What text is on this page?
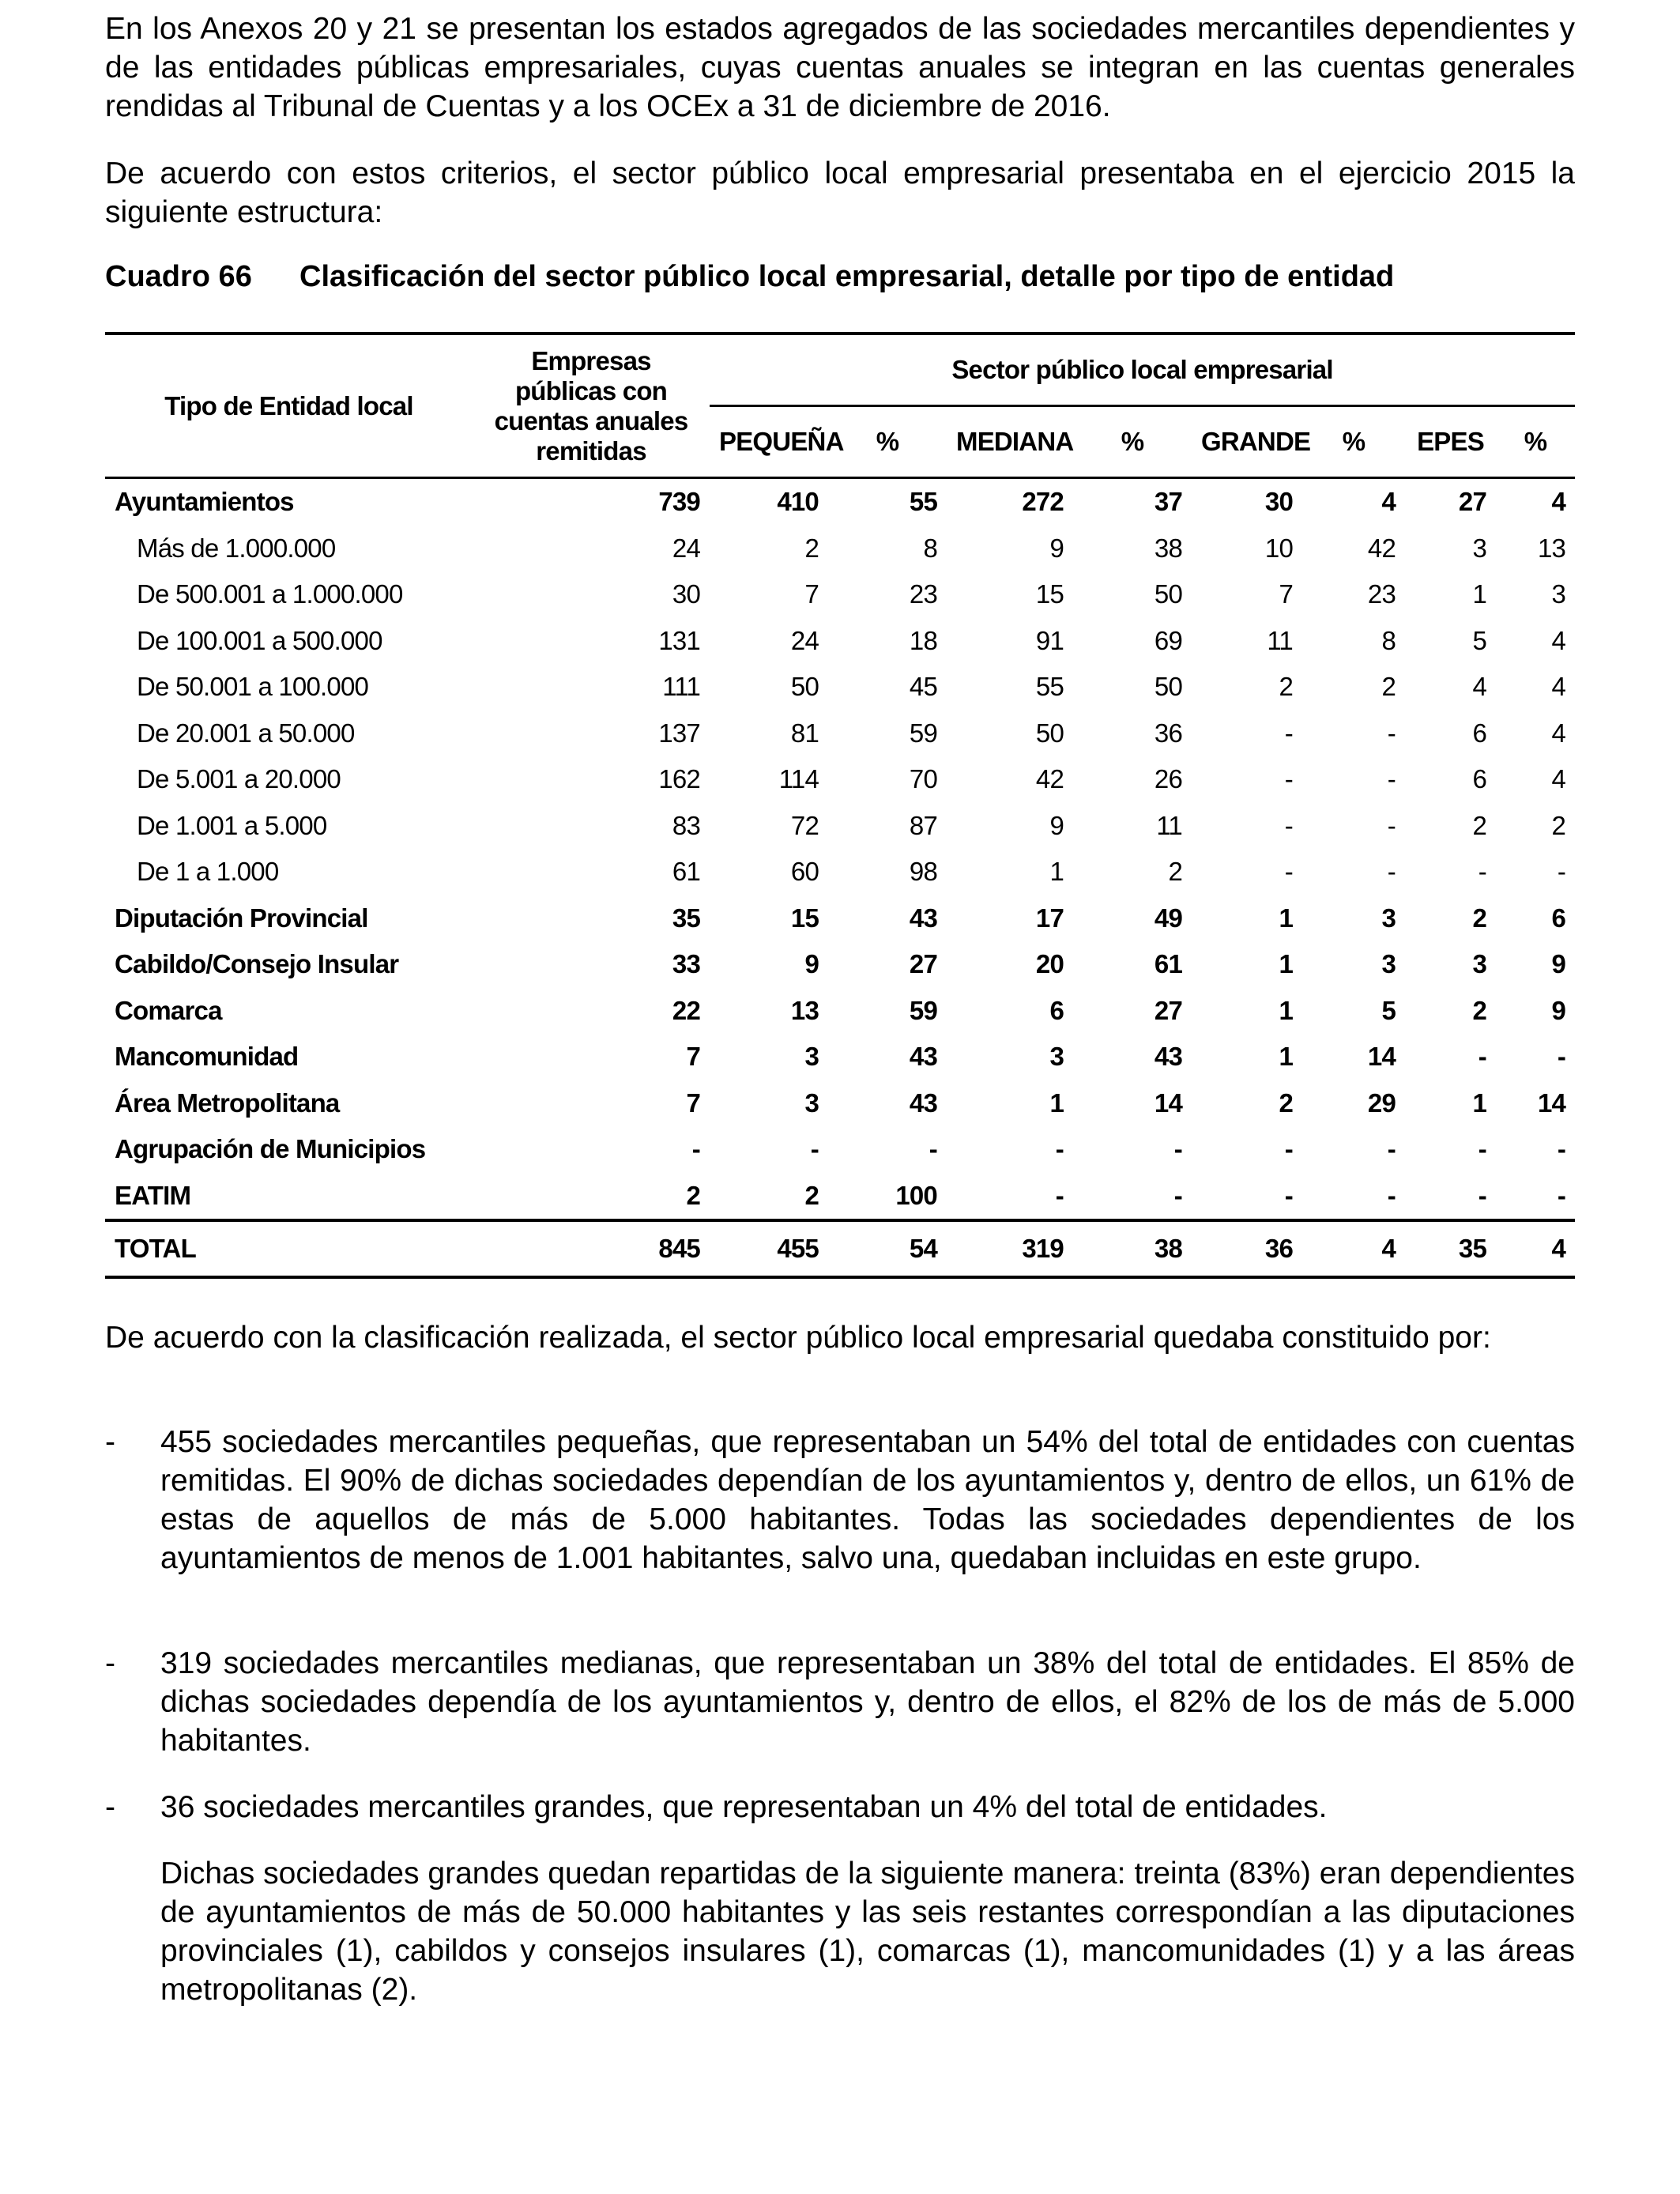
En los Anexos 20 y 21 se presentan los estados agregados de las sociedades mercantiles dependientes y de las entidades públicas empresariales, cuyas cuentas anuales se integran en las cuentas generales rendidas al Tribunal de Cuentas y a los OCEx a 31 de diciembre de 2016.

De acuerdo con estos criterios, el sector público local empresarial presentaba en el ejercicio 2015 la siguiente estructura:

Cuadro 66 Clasificación del sector público local empresarial, detalle por tipo de entidad
Tipo de Entidad local	Empresas públicas con cuentas anuales remitidas	Sector público local empresarial							
		PEQUEÑA	%	MEDIANA	%	GRANDE	%	EPES	%
Ayuntamientos	739	410	55	272	37	30	4	27	4
Más de 1.000.000	24	2	8	9	38	10	42	3	13
De 500.001 a 1.000.000	30	7	23	15	50	7	23	1	3
De 100.001 a 500.000	131	24	18	91	69	11	8	5	4
De 50.001 a 100.000	111	50	45	55	50	2	2	4	4
De 20.001 a 50.000	137	81	59	50	36	-	-	6	4
De 5.001 a 20.000	162	114	70	42	26	-	-	6	4
De 1.001 a 5.000	83	72	87	9	11	-	-	2	2
De 1 a 1.000	61	60	98	1	2	-	-	-	-
Diputación Provincial	35	15	43	17	49	1	3	2	6
Cabildo/Consejo Insular	33	9	27	20	61	1	3	3	9
Comarca	22	13	59	6	27	1	5	2	9
Mancomunidad	7	3	43	3	43	1	14	-	-
Área Metropolitana	7	3	43	1	14	2	29	1	14
Agrupación de Municipios	-	-	-	-	-	-	-	-	-
EATIM	2	2	100	-	-	-	-	-	-
TOTAL	845	455	54	319	38	36	4	35	4

De acuerdo con la clasificación realizada, el sector público local empresarial quedaba constituido por:

- 455 sociedades mercantiles pequeñas, que representaban un 54% del total de entidades con cuentas remitidas. El 90% de dichas sociedades dependían de los ayuntamientos y, dentro de ellos, un 61% de estas de aquellos de más de 5.000 habitantes. Todas las sociedades dependientes de los ayuntamientos de menos de 1.001 habitantes, salvo una, quedaban incluidas en este grupo.

- 319 sociedades mercantiles medianas, que representaban un 38% del total de entidades. El 85% de dichas sociedades dependía de los ayuntamientos y, dentro de ellos, el 82% de los de más de 5.000 habitantes.

- 36 sociedades mercantiles grandes, que representaban un 4% del total de entidades.

Dichas sociedades grandes quedan repartidas de la siguiente manera: treinta (83%) eran dependientes de ayuntamientos de más de 50.000 habitantes y las seis restantes correspondían a las diputaciones provinciales (1), cabildos y consejos insulares (1), comarcas (1), mancomunidades (1) y a las áreas metropolitanas (2).
